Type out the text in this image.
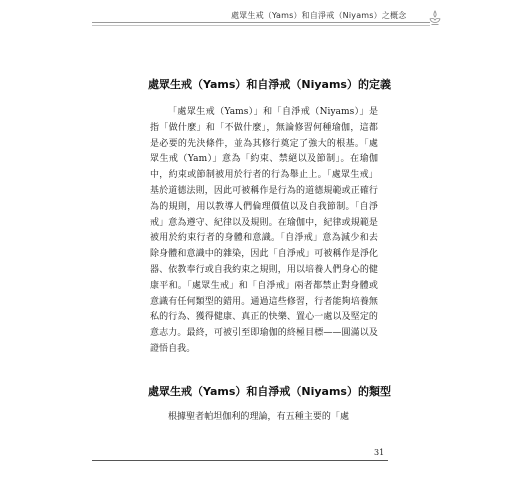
處眾生戒（Yams）和自淨戒（Niyams）之概念
處眾生戒（Yams）和自淨戒（Niyams）的定義
「處眾生戒（Yams）」和「自淨戒（Niyams）」是指「做什麼」和「不做什麼」，無論修習何種瑜伽，這都是必要的先決條件，並為其修行奠定了強大的根基。「處眾生戒（Yam）」意為「約束、禁絕以及節制」。在瑜伽中，約束或節制被用於行者的行為舉止上。「處眾生戒」基於道德法則，因此可被稱作是行為的道德規範或正確行為的規則，用以教導人們倫理價值以及自我節制。「自淨戒」意為遵守、紀律以及規則。在瑜伽中，紀律或規範是被用於約束行者的身體和意識。「自淨戒」意為減少和去除身體和意識中的雜染，因此「自淨戒」可被稱作是淨化器、依教奉行或自我約束之規則，用以培養人們身心的健康平和。「處眾生戒」和「自淨戒」兩者都禁止對身體或意識有任何類型的錯用。通過這些修習，行者能夠培養無私的行為、獲得健康、真正的快樂、置心一處以及堅定的意志力。最終，可被引至即瑜伽的終極目標——圓滿以及證悟自我。
處眾生戒（Yams）和自淨戒（Niyams）的類型
根據聖者帕坦伽利的理論，有五種主要的「處
31
